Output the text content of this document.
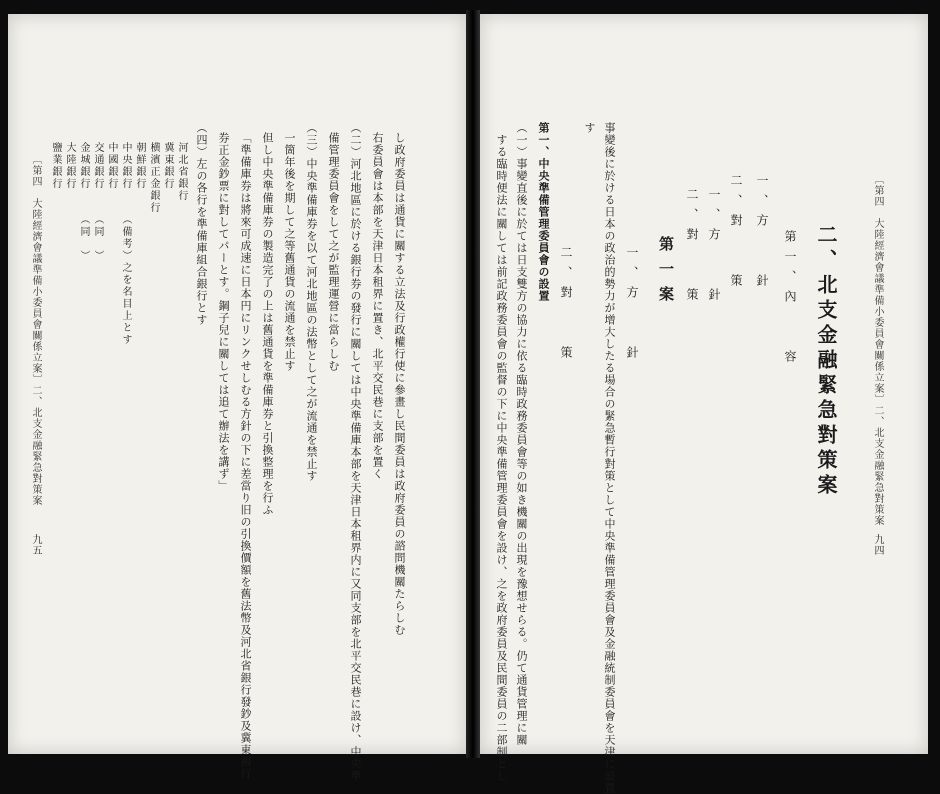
〔第四　大陸經濟會議準備小委員會關係立案〕二、北支金融緊急對策案
九四
二、北支金融緊急對策案
第一、內　　容
一、方　　針
二、對　　策
一、方　　針
二、對　　策
第一案
一、方　　針
事變後に於ける日本の政治的勢力が增大したる場合の緊急暫行對策として中央準備管理委員會及金融統制委員會を天津に設置
す
二、對　　策
第一、中央準備管理委員會の設置
（一）事變直後に於ては日支雙方の協力に依る臨時政務委員會等の如き機關の出現を豫想せらる。仍て通貨管理に關
する臨時便法に關しては前記政務委員會の監督の下に中央準備管理委員會を設け、之を政府委員及民間委員の二部制とし
し政府委員は通貨に關する立法及行政權行使に參畫し民間委員は政府委員の諮問機關たらしむ
右委員會は本部を天津日本租界に置き、北平交民巷に支部を置く
（二）河北地區に於ける銀行券の發行に關しては中央準備庫本部を天津日本租界内に又同支部を北平交民巷に設け、中央準
備管理委員會をして之が監理運營に當らしむ
（三）中央準備庫券を以て河北地區の法幣として之が流通を禁止す
一箇年後を期して之等舊通貨の流通を禁止す
但し中央準備庫券の製造完了の上は舊通貨を準備庫券と引換整理を行ふ
「準備庫券は將來可成速に日本円にリンクせしむる方針の下に差當り旧の引換價額を舊法幣及河北省銀行發鈔及冀東銀行
券正金鈔票に對してパーとす。鋼子兒に關しては追て辦法を講ず」
（四）左の各行を準備庫組合銀行とす
河北省銀行
冀東銀行
横濱正金銀行
朝鮮銀行
中央銀行
（備考）之を名目上とす
中國銀行
交通銀行
（同　）
金城銀行
（同　）
大陸銀行
鹽業銀行
〔第四　大陸經濟會議準備小委員會關係立案〕二、北支金融緊急對策案
九五
